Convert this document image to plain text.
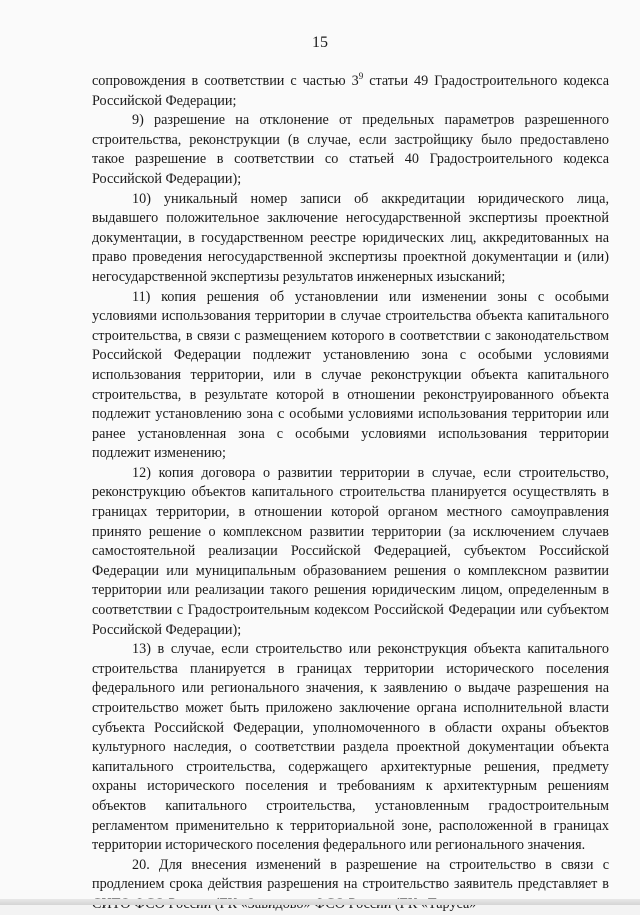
15

сопровождения в соответствии с частью $3^9$ статьи 49 Градостроительного кодекса Российской Федерации;

9) разрешение на отклонение от предельных параметров разрешенного строительства, реконструкции (в случае, если застройщику было предоставлено такое разрешение в соответствии со статьей 40 Градостроительного кодекса Российской Федерации);

10) уникальный номер записи об аккредитации юридического лица, выдавшего положительное заключение негосударственной экспертизы проектной документации, в государственном реестре юридических лиц, аккредитованных на право проведения негосударственной экспертизы проектной документации и (или) негосударственной экспертизы результатов инженерных изысканий;

11) копия решения об установлении или изменении зоны с особыми условиями использования территории в случае строительства объекта капитального строительства, в связи с размещением которого в соответствии с законодательством Российской Федерации подлежит установлению зона с особыми условиями использования территории, или в случае реконструкции объекта капитального строительства, в результате которой в отношении реконструированного объекта подлежит установлению зона с особыми условиями использования территории или ранее установленная зона с особыми условиями использования территории подлежит изменению;

12) копия договора о развитии территории в случае, если строительство, реконструкцию объектов капитального строительства планируется осуществлять в границах территории, в отношении которой органом местного самоуправления принято решение о комплексном развитии территории (за исключением случаев самостоятельной реализации Российской Федерацией, субъектом Российской Федерации или муниципальным образованием решения о комплексном развитии территории или реализации такого решения юридическим лицом, определенным в соответствии с Градостроительным кодексом Российской Федерации или субъектом Российской Федерации);

13) в случае, если строительство или реконструкция объекта капитального строительства планируется в границах территории исторического поселения федерального или регионального значения, к заявлению о выдаче разрешения на строительство может быть приложено заключение органа исполнительной власти субъекта Российской Федерации, уполномоченного в области охраны объектов культурного наследия, о соответствии раздела проектной документации объекта капитального строительства, содержащего архитектурные решения, предмету охраны исторического поселения и требованиям к архитектурным решениям объектов капитального строительства, установленным градостроительным регламентом применительно к территориальной зоне, расположенной в границах территории исторического поселения федерального или регионального значения.

20. Для внесения изменений в разрешение на строительство в связи с продлением срока действия разрешения на строительство заявитель представляет в
